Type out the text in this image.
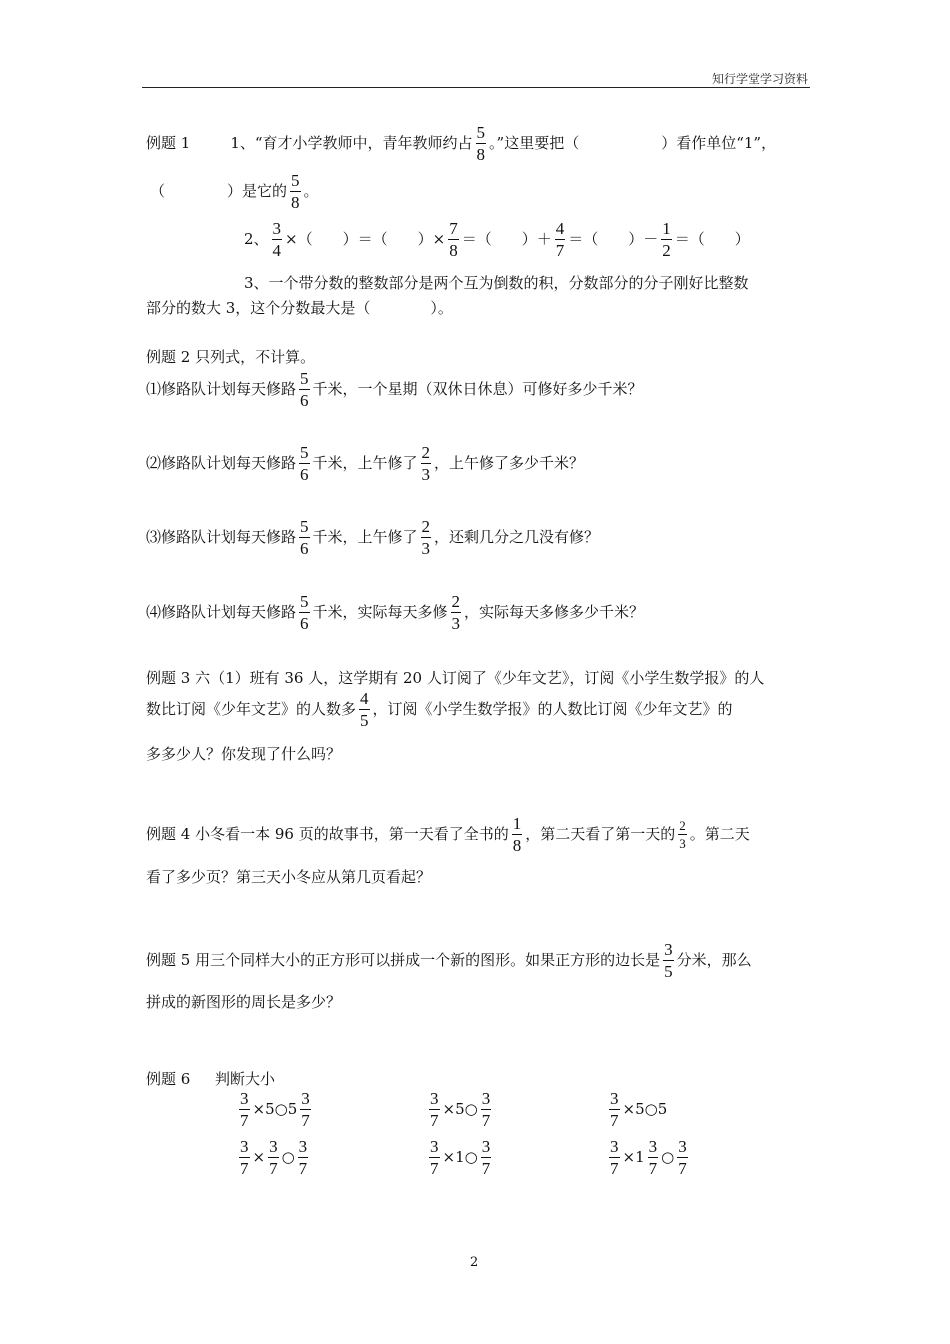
知行学堂学习资料
例题 1	1、“育才小学教师中，青年教师约占 $\frac{5}{8}$ 。”这里要把（	）看作单位“1”，
（	）是它的 $\frac{5}{8}$ 。
2、 $\frac{3}{4}$ ×（　　）＝（　　）× $\frac{7}{8}$ ＝（　　）＋ $\frac{4}{7}$ ＝（　　）－ $\frac{1}{2}$ ＝（　　）
3、一个带分数的整数部分是两个互为倒数的积，分数部分的分子刚好比整数
部分的数大 3，这个分数最大是（　　　　）。
例题 2 只列式，不计算。
⑴修路队计划每天修路 $\frac{5}{6}$ 千米，一个星期（双休日休息）可修好多少千米？
⑵修路队计划每天修路 $\frac{5}{6}$ 千米，上午修了 $\frac{2}{3}$ ，上午修了多少千米？
⑶修路队计划每天修路 $\frac{5}{6}$ 千米，上午修了 $\frac{2}{3}$ ，还剩几分之几没有修？
⑷修路队计划每天修路 $\frac{5}{6}$ 千米，实际每天多修 $\frac{2}{3}$ ，实际每天多修多少千米？
例题 3 六（1）班有 36 人，这学期有 20 人订阅了《少年文艺》，订阅《小学生数学报》的人
数比订阅《少年文艺》的人数多 $\frac{4}{5}$ ，订阅《小学生数学报》的人数比订阅《少年文艺》的
多多少人？你发现了什么吗？
例题 4 小冬看一本 96 页的故事书，第一天看了全书的 $\frac{1}{8}$ ，第二天看了第一天的 $\frac{2}{3}$ 。第二天
看了多少页？第三天小冬应从第几页看起？
例题 5 用三个同样大小的正方形可以拼成一个新的图形。如果正方形的边长是 $\frac{3}{5}$ 分米，那么
拼成的新图形的周长是多少？
例题 6 判断大小
$\frac{3}{7}$ ×5○5 $\frac{3}{7}$	$\frac{3}{7}$ ×5○ $\frac{3}{7}$	$\frac{3}{7}$ ×5○5
$\frac{3}{7} \times \frac{3}{7}$ ○ $\frac{3}{7}$	$\frac{3}{7}$ ×1○ $\frac{3}{7}$	$\frac{3}{7} \times 1 \frac{3}{7}$ ○ $\frac{3}{7}$
2
